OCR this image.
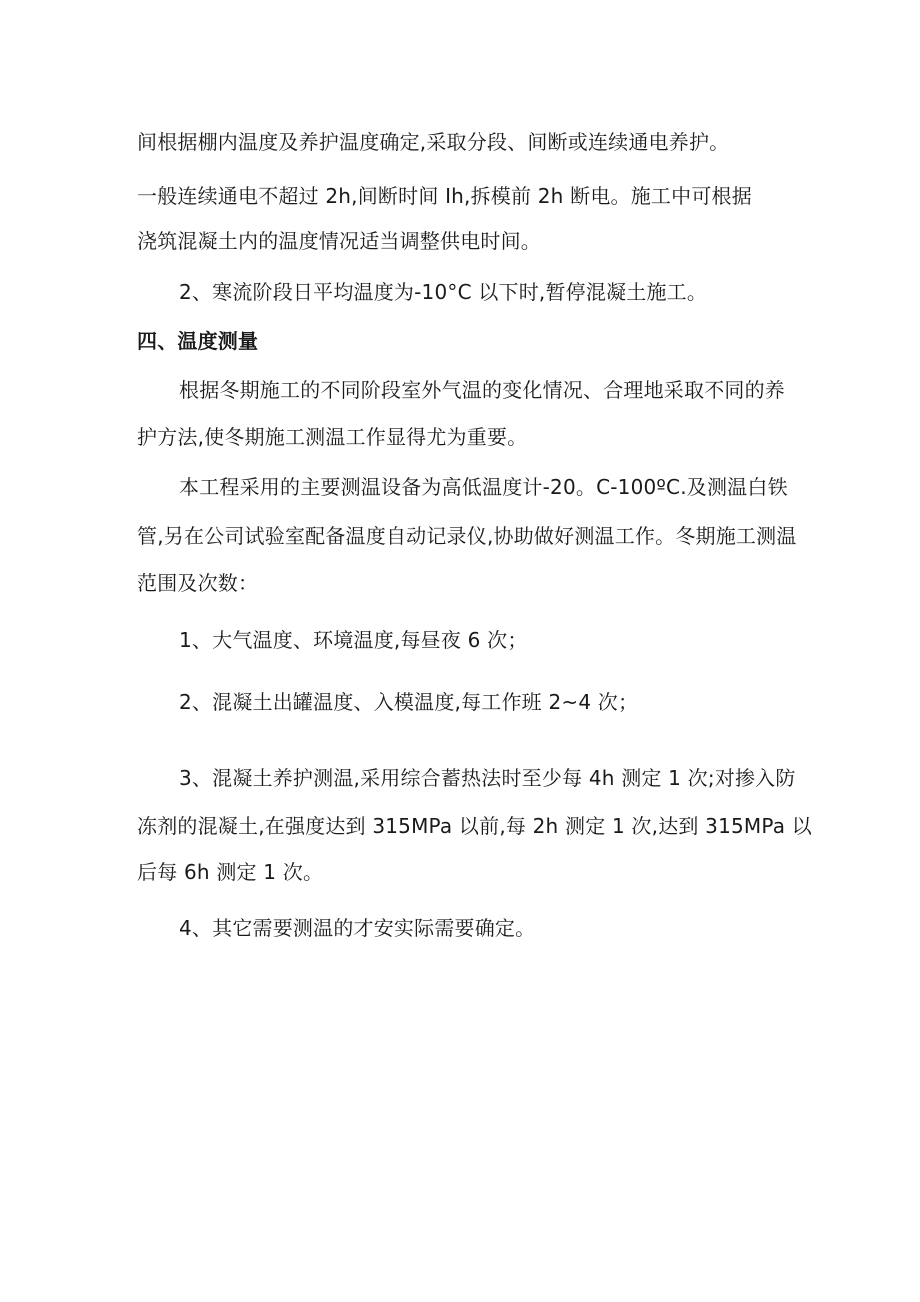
间根据棚内温度及养护温度确定,采取分段、间断或连续通电养护。
一般连续通电不超过 2h,间断时间 Ih,拆模前 2h 断电。施工中可根据
浇筑混凝土内的温度情况适当调整供电时间。
2、寒流阶段日平均温度为-10°C 以下时,暂停混凝土施工。
四、温度测量
根据冬期施工的不同阶段室外气温的变化情况、合理地采取不同的养
护方法,使冬期施工测温工作显得尤为重要。
本工程采用的主要测温设备为高低温度计-20。C-100ºC.及测温白铁
管,另在公司试验室配备温度自动记录仪,协助做好测温工作。冬期施工测温
范围及次数：
1、大气温度、环境温度,每昼夜 6 次；
2、混凝土出罐温度、入模温度,每工作班 2~4 次；
3、混凝土养护测温,采用综合蓄热法时至少每 4h 测定 1 次;对掺入防
冻剂的混凝土,在强度达到 315MPa 以前,每 2h 测定 1 次,达到 315MPa 以
后每 6h 测定 1 次。
4、其它需要测温的才安实际需要确定。
